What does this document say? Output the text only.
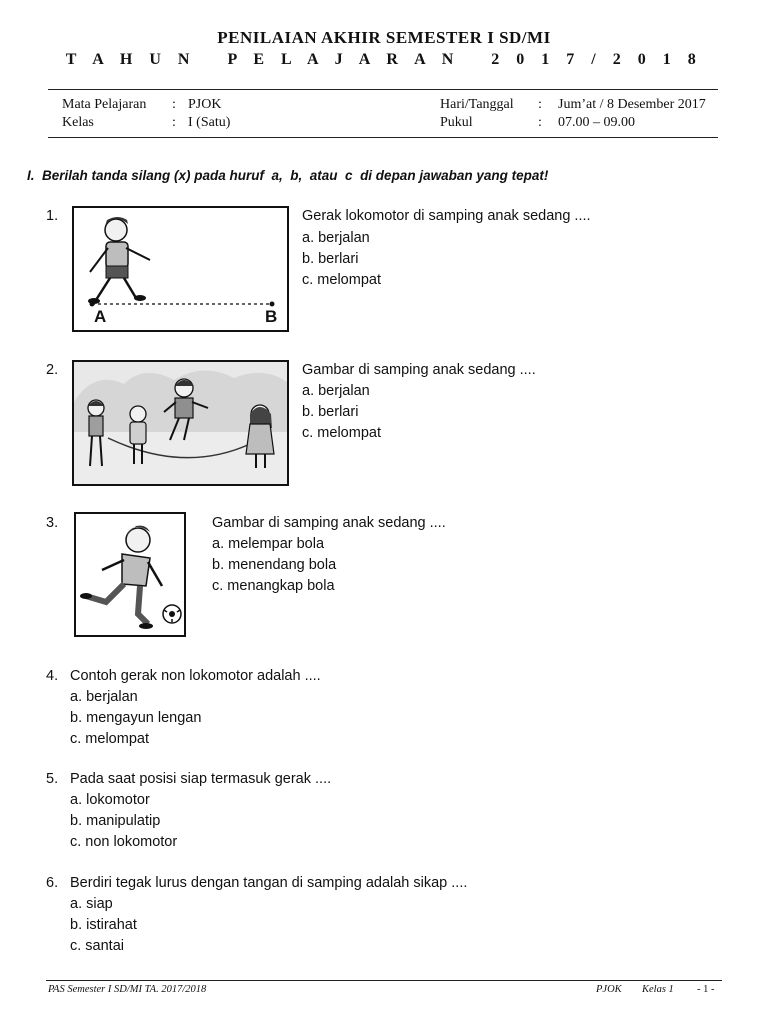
PENILAIAN AKHIR SEMESTER I SD/MI
T A H U N   P E L A J A R A N   2 0 1 7 / 2 0 1 8
Mata Pelajaran : PJOK
Kelas	: I (Satu)
Hari/Tanggal : Jum’at / 8 Desember 2017
Pukul	: 07.00 – 09.00
I.  Berilah tanda silang (x) pada huruf  a,  b,  atau  c  di depan jawaban yang tepat!
1.
A	B
Gerak lokomotor di samping anak sedang ....
a. berjalan
b. berlari
c. melompat
2.	Gambar di samping anak sedang ....
a. berjalan
b. berlari
c. melompat
3.	Gambar di samping anak sedang ....
a. melempar bola
b. menendang bola
c. menangkap bola
4. Contoh gerak non lokomotor adalah ....
a. berjalan
b. mengayun lengan
c. melompat
5. Pada saat posisi siap termasuk gerak ....
a. lokomotor
b. manipulatip
c. non lokomotor
6. Berdiri tegak lurus dengan tangan di samping adalah sikap ....
a. siap
b. istirahat
c. santai
PAS Semester I SD/MI TA. 2017/2018	PJOK Kelas 1 - 1 -
